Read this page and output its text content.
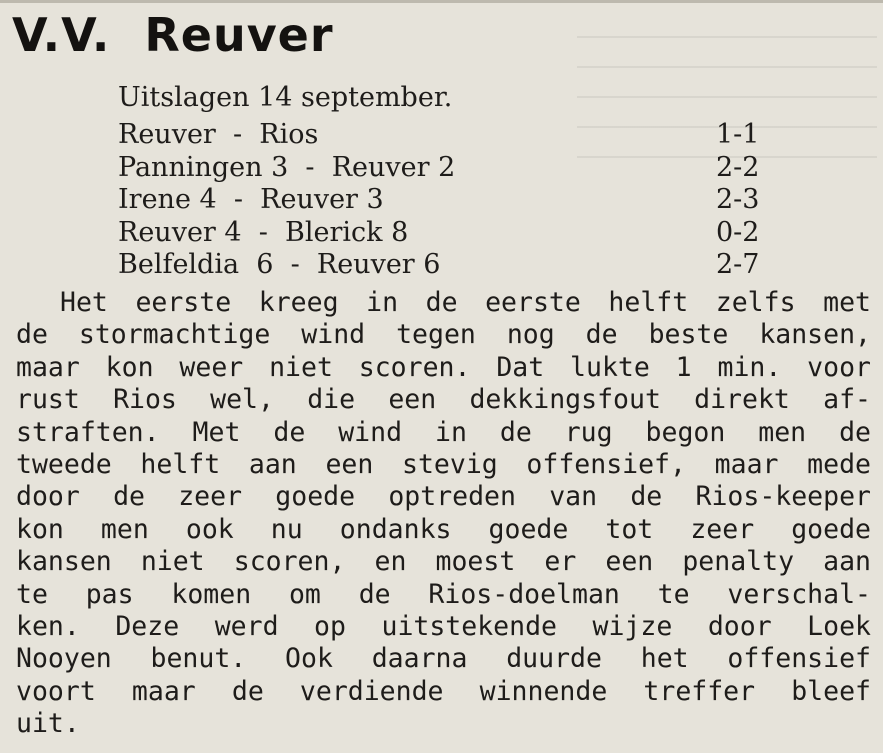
V.V.  Reuver
Uitslagen 14 september.
Reuver  -  Rios	1-1
Panningen 3  -  Reuver 2	2-2
Irene 4  -  Reuver 3	2-3
Reuver 4  -  Blerick 8	0-2
Belfeldia  6  -  Reuver 6	2-7
Het eerste kreeg in de eerste helft zelfs met
de stormachtige wind tegen nog de beste kansen,
maar kon weer niet scoren. Dat lukte 1 min. voor
rust Rios wel, die een dekkingsfout direkt af-
straften. Met de wind in de rug begon men de
tweede helft aan een stevig offensief, maar mede
door de zeer goede optreden van de Rios-keeper
kon men ook nu ondanks goede tot zeer goede
kansen niet scoren, en moest er een penalty aan
te pas komen om de Rios-doelman te verschal-
ken. Deze werd op uitstekende wijze door Loek
Nooyen benut. Ook daarna duurde het offensief
voort maar de verdiende winnende treffer bleef
uit.
